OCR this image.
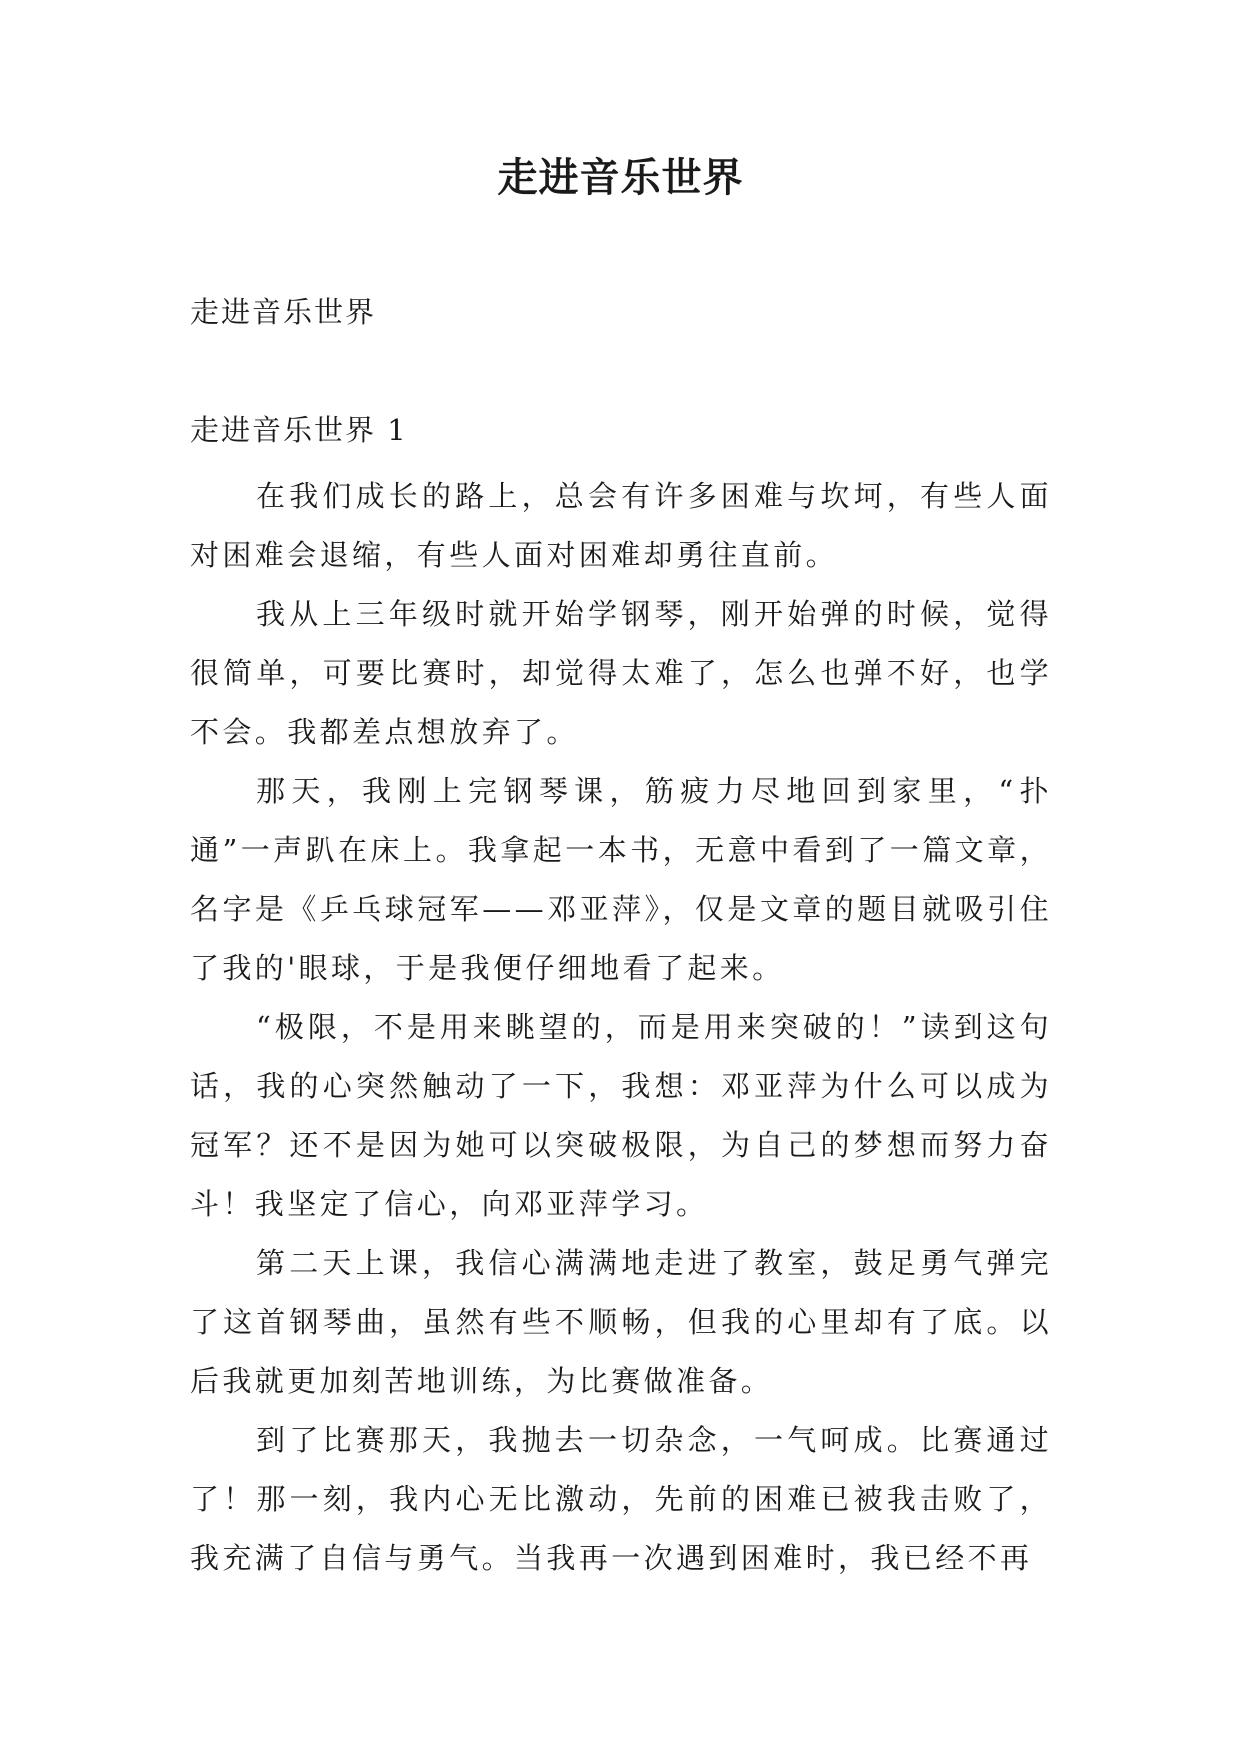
走进音乐世界
走进音乐世界
走进音乐世界 1

在我们成长的路上，总会有许多困难与坎坷，有些人面对困难会退缩，有些人面对困难却勇往直前。

我从上三年级时就开始学钢琴，刚开始弹的时候，觉得很简单，可要比赛时，却觉得太难了，怎么也弹不好，也学不会。我都差点想放弃了。

那天，我刚上完钢琴课，筋疲力尽地回到家里，“扑通”一声趴在床上。我拿起一本书，无意中看到了一篇文章，名字是《乒乓球冠军——邓亚萍》，仅是文章的题目就吸引住了我的'眼球，于是我便仔细地看了起来。

“极限，不是用来眺望的，而是用来突破的！”读到这句话，我的心突然触动了一下，我想：邓亚萍为什么可以成为冠军？还不是因为她可以突破极限，为自己的梦想而努力奋斗！我坚定了信心，向邓亚萍学习。

第二天上课，我信心满满地走进了教室，鼓足勇气弹完了这首钢琴曲，虽然有些不顺畅，但我的心里却有了底。以后我就更加刻苦地训练，为比赛做准备。

到了比赛那天，我抛去一切杂念，一气呵成。比赛通过了！那一刻，我内心无比激动，先前的困难已被我击败了，我充满了自信与勇气。当我再一次遇到困难时，我已经不再
